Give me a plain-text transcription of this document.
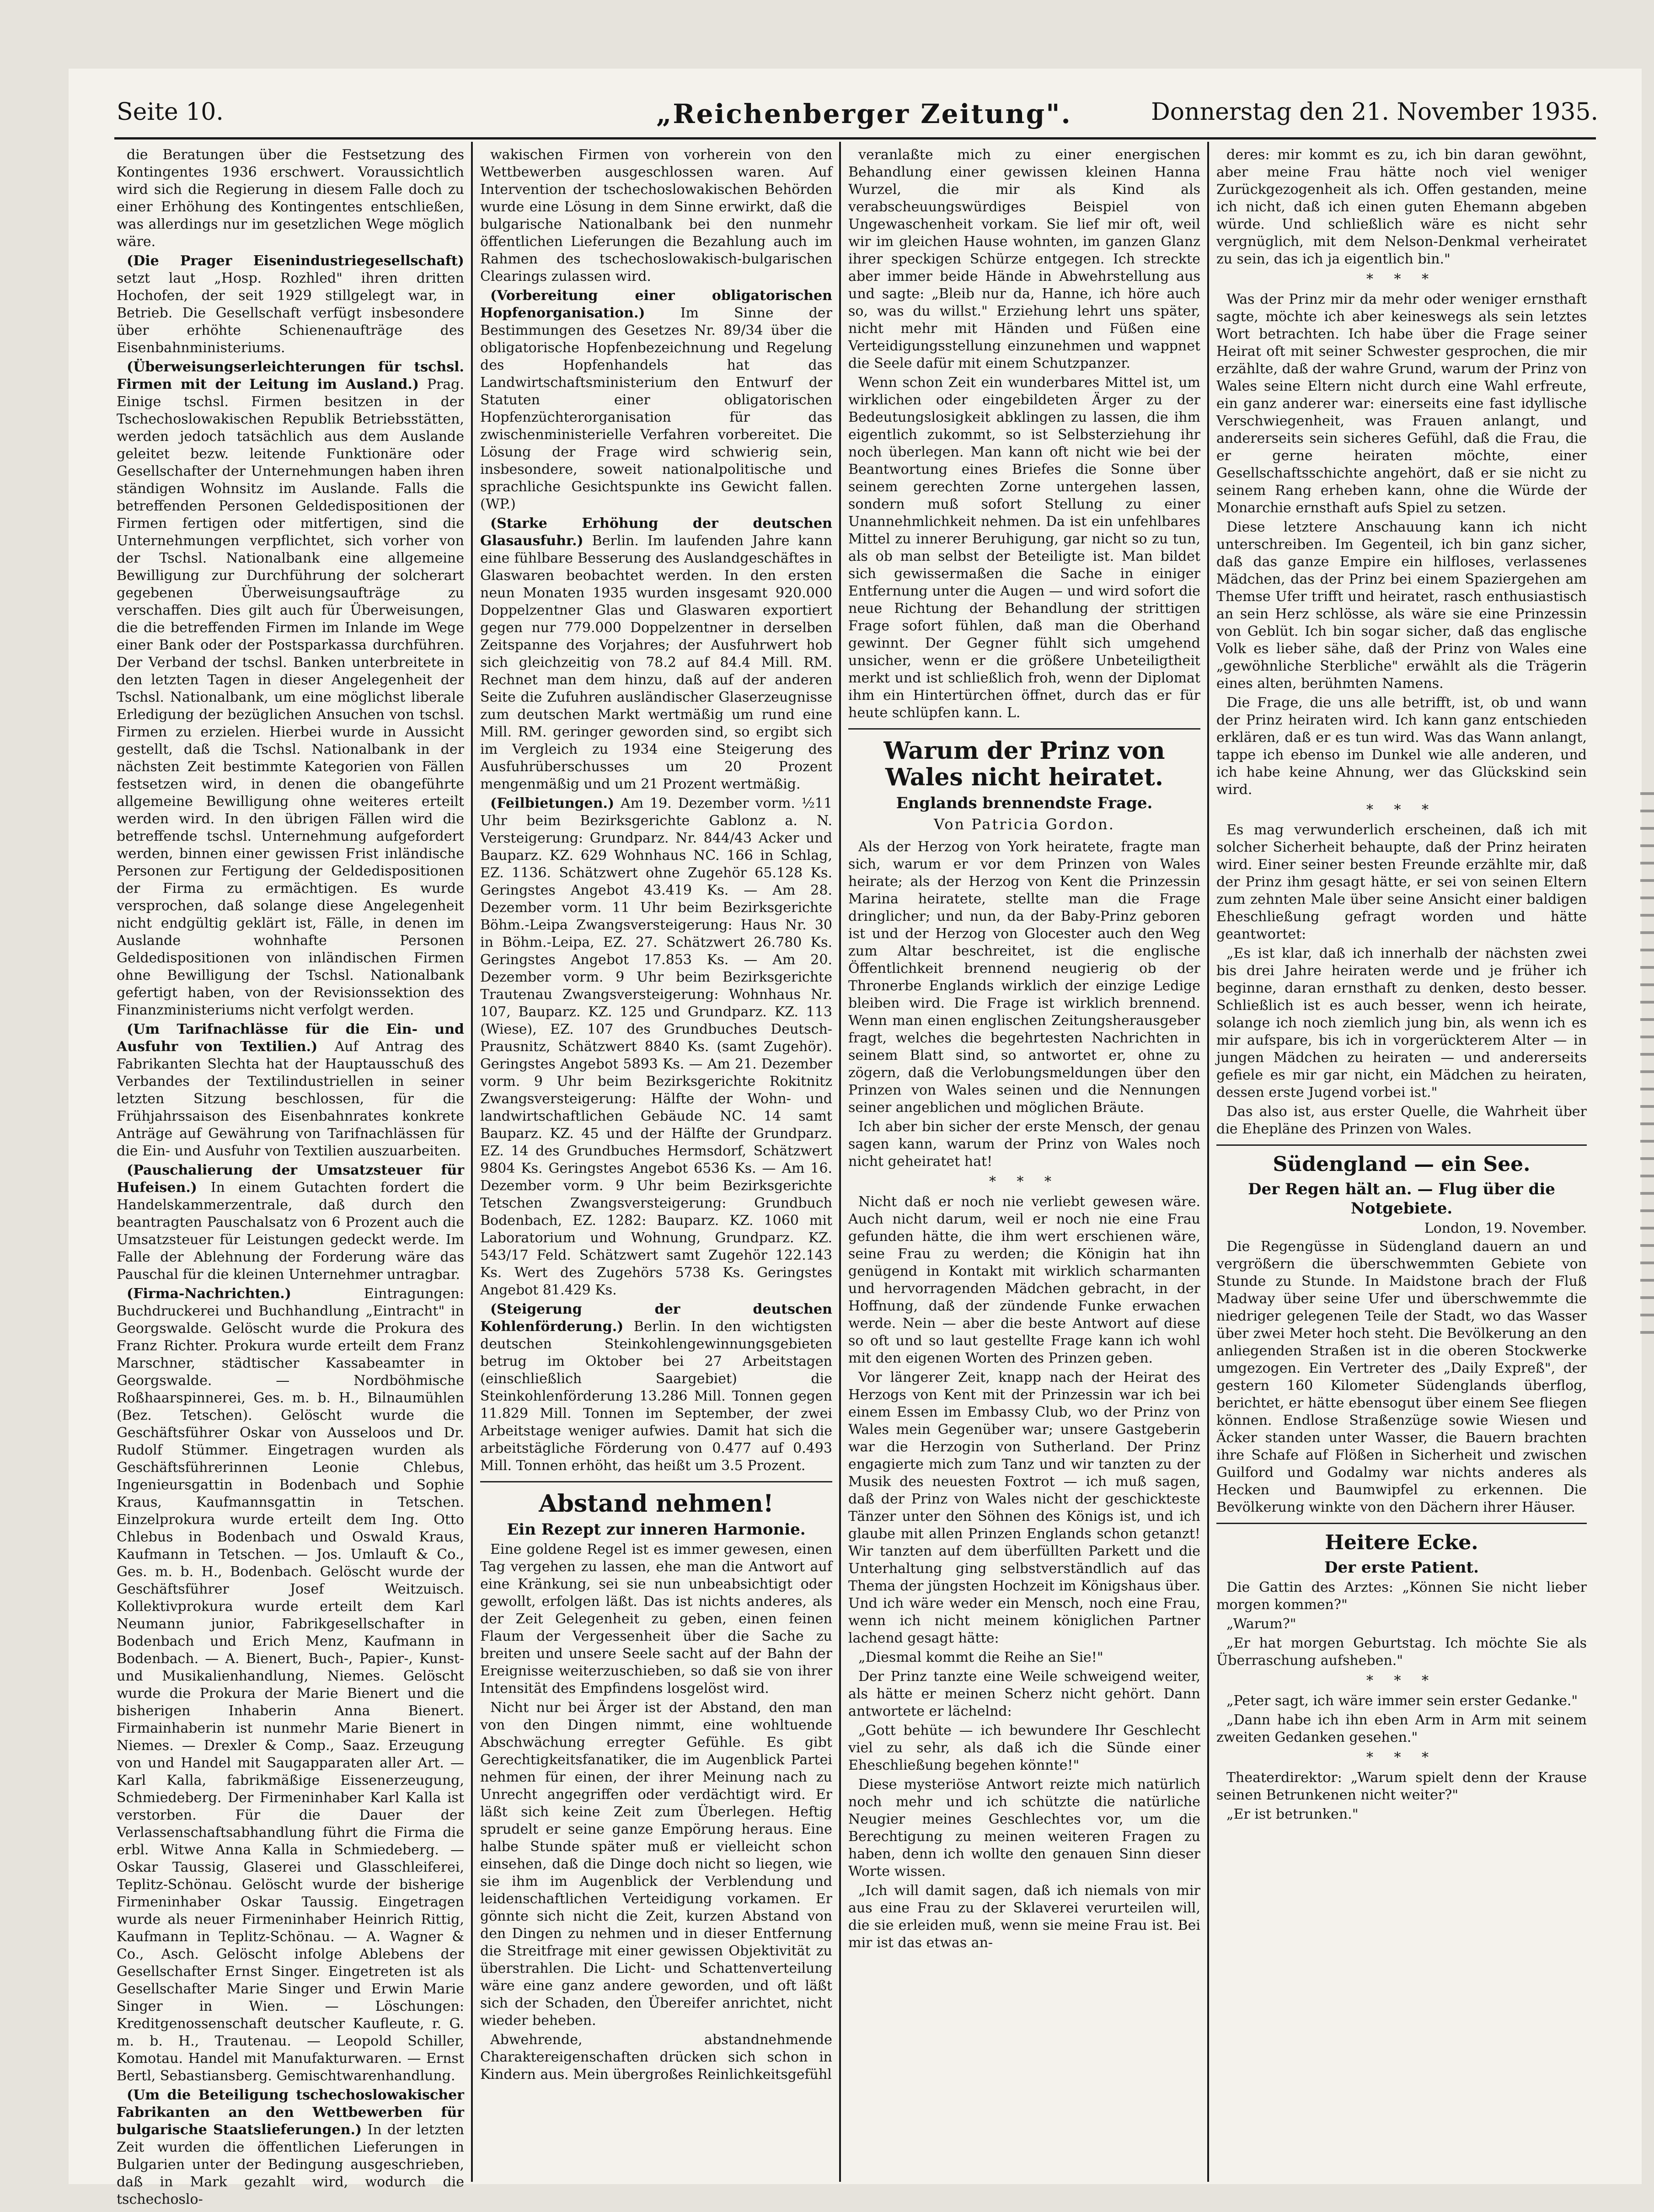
Seite 10.	„Reichenberger Zeitung".	Donnerstag den 21. November 1935.

die Beratungen über die Festsetzung des Kontingentes 1936 erschwert. Voraussichtlich wird sich die Regierung in diesem Falle doch zu einer Erhöhung des Kontingentes entschließen, was allerdings nur im gesetzlichen Wege möglich wäre.

(Die Prager Eisenindustriegesellschaft) setzt laut „Hosp. Rozhled" ihren dritten Hochofen, der seit 1929 stillgelegt war, in Betrieb. Die Gesellschaft verfügt insbesondere über erhöhte Schienenaufträge des Eisenbahnministeriums.

(Überweisungserleichterungen für tschsl. Firmen mit der Leitung im Ausland.) Prag. Einige tschsl. Firmen besitzen in der Tschechoslowakischen Republik Betriebsstätten, werden jedoch tatsächlich aus dem Auslande geleitet bezw. leitende Funktionäre oder Gesellschafter der Unternehmungen haben ihren ständigen Wohnsitz im Auslande. Falls die betreffenden Personen Geldedispositionen der Firmen fertigen oder mitfertigen, sind die Unternehmungen verpflichtet, sich vorher von der Tschsl. Nationalbank eine allgemeine Bewilligung zur Durchführung der solcherart gegebenen Überweisungsaufträge zu verschaffen. Dies gilt auch für Überweisungen, die die betreffenden Firmen im Inlande im Wege einer Bank oder der Postsparkassa durchführen. Der Verband der tschsl. Banken unterbreitete in den letzten Tagen in dieser Angelegenheit der Tschsl. Nationalbank, um eine möglichst liberale Erledigung der bezüglichen Ansuchen von tschsl. Firmen zu erzielen. Hierbei wurde in Aussicht gestellt, daß die Tschsl. Nationalbank in der nächsten Zeit bestimmte Kategorien von Fällen festsetzen wird, in denen die obangeführte allgemeine Bewilligung ohne weiteres erteilt werden wird. In den übrigen Fällen wird die betreffende tschsl. Unternehmung aufgefordert werden, binnen einer gewissen Frist inländische Personen zur Fertigung der Geldedispositionen der Firma zu ermächtigen. Es wurde versprochen, daß solange diese Angelegenheit nicht endgültig geklärt ist, Fälle, in denen im Auslande wohnhafte Personen Geldedispositionen von inländischen Firmen ohne Bewilligung der Tschsl. Nationalbank gefertigt haben, von der Revisionssektion des Finanzministeriums nicht verfolgt werden.

(Um Tarifnachlässe für die Ein- und Ausfuhr von Textilien.) Auf Antrag des Fabrikanten Slechta hat der Hauptausschuß des Verbandes der Textilindustriellen in seiner letzten Sitzung beschlossen, für die Frühjahrssaison des Eisenbahnrates konkrete Anträge auf Gewährung von Tarifnachlässen für die Ein- und Ausfuhr von Textilien auszuarbeiten.

(Pauschalierung der Umsatzsteuer für Hufeisen.) In einem Gutachten fordert die Handelskammerzentrale, daß durch den beantragten Pauschalsatz von 6 Prozent auch die Umsatzsteuer für Leistungen gedeckt werde. Im Falle der Ablehnung der Forderung wäre das Pauschal für die kleinen Unternehmer untragbar.

(Firma-Nachrichten.)	Eintragungen: Buchdruckerei und Buchhandlung „Eintracht" in Georgswalde. Gelöscht wurde die Prokura des Franz Richter. Prokura wurde erteilt dem Franz Marschner, städtischer Kassabeamter in Georgswalde. — Nordböhmische Roßhaarspinnerei, Ges. m. b. H., Bilnaumühlen (Bez. Tetschen). Gelöscht wurde die Geschäftsführer Oskar von Ausseloos und Dr. Rudolf Stümmer. Eingetragen wurden als Geschäftsführerinnen Leonie Chlebus, Ingenieursgattin in Bodenbach und Sophie Kraus, Kaufmannsgattin in Tetschen. Einzelprokura wurde erteilt dem Ing. Otto Chlebus in Bodenbach und Oswald Kraus, Kaufmann in Tetschen. — Jos. Umlauft & Co., Ges. m. b. H., Bodenbach. Gelöscht wurde der Geschäftsführer Josef Weitzuisch. Kollektivprokura wurde erteilt dem Karl Neumann junior, Fabrikgesellschafter in Bodenbach und Erich Menz, Kaufmann in Bodenbach. — A. Bienert, Buch-, Papier-, Kunst- und Musikalienhandlung, Niemes. Gelöscht wurde die Prokura der Marie Bienert und die bisherigen Inhaberin Anna Bienert. Firmainhaberin ist nunmehr Marie Bienert in Niemes. — Drexler & Comp., Saaz. Erzeugung von und Handel mit Saugapparaten aller Art. — Karl Kalla, fabrikmäßige Eissenerzeugung, Schmiedeberg. Der Firmeninhaber Karl Kalla ist verstorben. Für die Dauer der Verlassenschaftsabhandlung führt die Firma die erbl. Witwe Anna Kalla in Schmiedeberg. — Oskar Taussig, Glaserei und Glasschleiferei, Teplitz-Schönau. Gelöscht wurde der bisherige Firmeninhaber Oskar Taussig. Eingetragen wurde als neuer Firmeninhaber Heinrich Rittig, Kaufmann in Teplitz-Schönau. — A. Wagner & Co., Asch. Gelöscht infolge Ablebens der Gesellschafter Ernst Singer. Eingetreten ist als Gesellschafter Marie Singer und Erwin Marie Singer in Wien. — Löschungen: Kreditgenossenschaft deutscher Kaufleute, r. G. m. b. H., Trautenau. — Leopold Schiller, Komotau. Handel mit Manufakturwaren. — Ernst Bertl, Sebastiansberg. Gemischtwarenhandlung.

(Um die Beteiligung tschechoslowakischer Fabrikanten an den Wettbewerben für bulgarische Staatslieferungen.) In der letzten Zeit wurden die öffentlichen Lieferungen in Bulgarien unter der Bedingung ausgeschrieben, daß in Mark gezahlt wird, wodurch die tschechoslo-

wakischen Firmen von vorherein von den Wettbewerben ausgeschlossen waren. Auf Intervention der tschechoslowakischen Behörden wurde eine Lösung in dem Sinne erwirkt, daß die bulgarische Nationalbank bei den nunmehr öffentlichen Lieferungen die Bezahlung auch im Rahmen des tschechoslowakisch-bulgarischen Clearings zulassen wird.

(Vorbereitung einer obligatorischen Hopfenorganisation.)	Im Sinne der Bestimmungen des Gesetzes Nr. 89/34 über die obligatorische Hopfenbezeichnung und Regelung des Hopfenhandels hat das Landwirtschaftsministerium den Entwurf der Statuten einer obligatorischen Hopfenzüchterorganisation für das zwischenministerielle Verfahren vorbereitet. Die Lösung der Frage wird schwierig sein, insbesondere, soweit nationalpolitische und sprachliche Gesichtspunkte ins Gewicht fallen. (WP.)

(Starke Erhöhung der deutschen Glasausfuhr.) Berlin. Im laufenden Jahre kann eine fühlbare Besserung des Auslandgeschäftes in Glaswaren beobachtet werden. In den ersten neun Monaten 1935 wurden insgesamt 920.000 Doppelzentner Glas und Glaswaren exportiert gegen nur 779.000 Doppelzentner in derselben Zeitspanne des Vorjahres; der Ausfuhrwert hob sich gleichzeitig von 78.2 auf 84.4 Mill. RM. Rechnet man dem hinzu, daß auf der anderen Seite die Zufuhren ausländischer Glaserzeugnisse zum deutschen Markt wertmäßig um rund eine Mill. RM. geringer geworden sind, so ergibt sich im Vergleich zu 1934 eine Steigerung des Ausfuhrüberschusses um 20 Prozent mengenmäßig und um 21 Prozent wertmäßig.

(Feilbietungen.) Am 19. Dezember vorm. ½11 Uhr beim Bezirksgerichte Gablonz a. N. Versteigerung: Grundparz. Nr. 844/43 Acker und Bauparz. KZ. 629 Wohnhaus NC. 166 in Schlag, EZ. 1136. Schätzwert ohne Zugehör 65.128 Ks. Geringstes Angebot 43.419 Ks. — Am 28. Dezember vorm. 11 Uhr beim Bezirksgerichte Böhm.-Leipa Zwangsversteigerung: Haus Nr. 30 in Böhm.-Leipa, EZ. 27. Schätzwert 26.780 Ks. Geringstes Angebot 17.853 Ks. — Am 20. Dezember vorm. 9 Uhr beim Bezirksgerichte Trautenau Zwangsversteigerung: Wohnhaus Nr. 107, Bauparz. KZ. 125 und Grundparz. KZ. 113 (Wiese), EZ. 107 des Grundbuches Deutsch-Prausnitz, Schätzwert 8840 Ks. (samt Zugehör). Geringstes Angebot 5893 Ks. — Am 21. Dezember vorm. 9 Uhr beim Bezirksgerichte Rokitnitz Zwangsversteigerung: Hälfte der Wohn- und landwirtschaftlichen Gebäude NC. 14 samt Bauparz. KZ. 45 und der Hälfte der Grundparz. EZ. 14 des Grundbuches Hermsdorf, Schätzwert 9804 Ks. Geringstes Angebot 6536 Ks. — Am 16. Dezember vorm. 9 Uhr beim Bezirksgerichte Tetschen Zwangsversteigerung: Grundbuch Bodenbach, EZ. 1282: Bauparz. KZ. 1060 mit Laboratorium und Wohnung, Grundparz. KZ. 543/17 Feld. Schätzwert samt Zugehör 122.143 Ks. Wert des Zugehörs 5738 Ks. Geringstes Angebot 81.429 Ks.

(Steigerung der deutschen Kohlenförderung.) Berlin. In den wichtigsten deutschen Steinkohlengewinnungsgebieten betrug im Oktober bei 27 Arbeitstagen (einschließlich Saargebiet) die Steinkohlenförderung 13.286 Mill. Tonnen gegen 11.829 Mill. Tonnen im September, der zwei Arbeitstage weniger aufwies. Damit hat sich die arbeitstägliche Förderung von 0.477 auf 0.493 Mill. Tonnen erhöht, das heißt um 3.5 Prozent.

Abstand nehmen!
Ein Rezept zur inneren Harmonie.

Eine goldene Regel ist es immer gewesen, einen Tag vergehen zu lassen, ehe man die Antwort auf eine Kränkung, sei sie nun unbeabsichtigt oder gewollt, erfolgen läßt. Das ist nichts anderes, als der Zeit Gelegenheit zu geben, einen feinen Flaum der Vergessenheit über die Sache zu breiten und unsere Seele sacht auf der Bahn der Ereignisse weiterzuschieben, so daß sie von ihrer Intensität des Empfindens losgelöst wird.

Nicht nur bei Ärger ist der Abstand, den man von den Dingen nimmt, eine wohltuende Abschwächung erregter Gefühle. Es gibt Gerechtigkeitsfanatiker, die im Augenblick Partei nehmen für einen, der ihrer Meinung nach zu Unrecht angegriffen oder verdächtigt wird. Er läßt sich keine Zeit zum Überlegen. Heftig sprudelt er seine ganze Empörung heraus. Eine halbe Stunde später muß er vielleicht schon einsehen, daß die Dinge doch nicht so liegen, wie sie ihm im Augenblick der Verblendung und leidenschaftlichen Verteidigung vorkamen. Er gönnte sich nicht die Zeit, kurzen Abstand von den Dingen zu nehmen und in dieser Entfernung die Streitfrage mit einer gewissen Objektivität zu überstrahlen. Die Licht- und Schattenverteilung wäre eine ganz andere geworden, und oft läßt sich der Schaden, den Übereifer anrichtet, nicht wieder beheben.

Abwehrende, abstandnehmende Charaktereigenschaften drücken sich schon in Kindern aus. Mein übergroßes Reinlichkeitsgefühl

veranlaßte mich zu einer energischen Behandlung einer gewissen kleinen Hanna Wurzel, die mir als Kind als verabscheuungswürdiges Beispiel von Ungewaschenheit vorkam. Sie lief mir oft, weil wir im gleichen Hause wohnten, im ganzen Glanz ihrer speckigen Schürze entgegen. Ich streckte aber immer beide Hände in Abwehrstellung aus und sagte: „Bleib nur da, Hanne, ich höre auch so, was du willst." Erziehung lehrt uns später, nicht mehr mit Händen und Füßen eine Verteidigungsstellung einzunehmen und wappnet die Seele dafür mit einem Schutzpanzer.

Wenn schon Zeit ein wunderbares Mittel ist, um wirklichen oder eingebildeten Ärger zu der Bedeutungslosigkeit abklingen zu lassen, die ihm eigentlich zukommt, so ist Selbsterziehung ihr noch überlegen. Man kann oft nicht wie bei der Beantwortung eines Briefes die Sonne über seinem gerechten Zorne untergehen lassen, sondern muß sofort Stellung zu einer Unannehmlichkeit nehmen. Da ist ein unfehlbares Mittel zu innerer Beruhigung, gar nicht so zu tun, als ob man selbst der Beteiligte ist. Man bildet sich gewissermaßen die Sache in einiger Entfernung unter die Augen — und wird sofort die neue Richtung der Behandlung der strittigen Frage sofort fühlen, daß man die Oberhand gewinnt. Der Gegner fühlt sich umgehend unsicher, wenn er die größere Unbeteiligtheit merkt und ist schließlich froh, wenn der Diplomat ihm ein Hintertürchen öffnet, durch das er für heute schlüpfen kann. L.

Warum der Prinz von Wales nicht heiratet.
Englands brennendste Frage.
Von Patricia Gordon.

Als der Herzog von York heiratete, fragte man sich, warum er vor dem Prinzen von Wales heirate; als der Herzog von Kent die Prinzessin Marina heiratete, stellte man die Frage dringlicher; und nun, da der Baby-Prinz geboren ist und der Herzog von Glocester auch den Weg zum Altar beschreitet, ist die englische Öffentlichkeit brennend neugierig ob der Thronerbe Englands wirklich der einzige Ledige bleiben wird. Die Frage ist wirklich brennend. Wenn man einen englischen Zeitungsherausgeber fragt, welches die begehrtesten Nachrichten in seinem Blatt sind, so antwortet er, ohne zu zögern, daß die Verlobungsmeldungen über den Prinzen von Wales seinen und die Nennungen seiner angeblichen und möglichen Bräute.

Ich aber bin sicher der erste Mensch, der genau sagen kann, warum der Prinz von Wales noch nicht geheiratet hat!

* * *

Nicht daß er noch nie verliebt gewesen wäre. Auch nicht darum, weil er noch nie eine Frau gefunden hätte, die ihm wert erschienen wäre, seine Frau zu werden; die Königin hat ihn genügend in Kontakt mit wirklich scharmanten und hervorragenden Mädchen gebracht, in der Hoffnung, daß der zündende Funke erwachen werde. Nein — aber die beste Antwort auf diese so oft und so laut gestellte Frage kann ich wohl mit den eigenen Worten des Prinzen geben.

Vor längerer Zeit, knapp nach der Heirat des Herzogs von Kent mit der Prinzessin war ich bei einem Essen im Embassy Club, wo der Prinz von Wales mein Gegenüber war; unsere Gastgeberin war die Herzogin von Sutherland. Der Prinz engagierte mich zum Tanz und wir tanzten zu der Musik des neuesten Foxtrot — ich muß sagen, daß der Prinz von Wales nicht der geschickteste Tänzer unter den Söhnen des Königs ist, und ich glaube mit allen Prinzen Englands schon getanzt! Wir tanzten auf dem überfüllten Parkett und die Unterhaltung ging selbstverständlich auf das Thema der jüngsten Hochzeit im Königshaus über. Und ich wäre weder ein Mensch, noch eine Frau, wenn ich nicht meinem königlichen Partner lachend gesagt hätte:

„Diesmal kommt die Reihe an Sie!"

Der Prinz tanzte eine Weile schweigend weiter, als hätte er meinen Scherz nicht gehört. Dann antwortete er lächelnd:

„Gott behüte — ich bewundere Ihr Geschlecht viel zu sehr, als daß ich die Sünde einer Eheschließung begehen könnte!"

Diese mysteriöse Antwort reizte mich natürlich noch mehr und ich schützte die natürliche Neugier meines Geschlechtes vor, um die Berechtigung zu meinen weiteren Fragen zu haben, denn ich wollte den genauen Sinn dieser Worte wissen.

„Ich will damit sagen, daß ich niemals von mir aus eine Frau zu der Sklaverei verurteilen will, die sie erleiden muß, wenn sie meine Frau ist. Bei mir ist das etwas an-

deres: mir kommt es zu, ich bin daran gewöhnt, aber meine Frau hätte noch viel weniger Zurückgezogenheit als ich. Offen gestanden, meine ich nicht, daß ich einen guten Ehemann abgeben würde. Und schließlich wäre es nicht sehr vergnüglich, mit dem Nelson-Denkmal verheiratet zu sein, das ich ja eigentlich bin."

* * *

Was der Prinz mir da mehr oder weniger ernsthaft sagte, möchte ich aber keineswegs als sein letztes Wort betrachten. Ich habe über die Frage seiner Heirat oft mit seiner Schwester gesprochen, die mir erzählte, daß der wahre Grund, warum der Prinz von Wales seine Eltern nicht durch eine Wahl erfreute, ein ganz anderer war: einerseits eine fast idyllische Verschwiegenheit, was Frauen anlangt, und andererseits sein sicheres Gefühl, daß die Frau, die er gerne heiraten möchte, einer Gesellschaftsschichte angehört, daß er sie nicht zu seinem Rang erheben kann, ohne die Würde der Monarchie ernsthaft aufs Spiel zu setzen.

Diese letztere Anschauung kann ich nicht unterschreiben. Im Gegenteil, ich bin ganz sicher, daß das ganze Empire ein hilfloses, verlassenes Mädchen, das der Prinz bei einem Spaziergehen am Themse Ufer trifft und heiratet, rasch enthusiastisch an sein Herz schlösse, als wäre sie eine Prinzessin von Geblüt. Ich bin sogar sicher, daß das englische Volk es lieber sähe, daß der Prinz von Wales eine „gewöhnliche Sterbliche" erwählt als die Trägerin eines alten, berühmten Namens.

Die Frage, die uns alle betrifft, ist, ob und wann der Prinz heiraten wird. Ich kann ganz entschieden erklären, daß er es tun wird. Was das Wann anlangt, tappe ich ebenso im Dunkel wie alle anderen, und ich habe keine Ahnung, wer das Glückskind sein wird.

* * *

Es mag verwunderlich erscheinen, daß ich mit solcher Sicherheit behaupte, daß der Prinz heiraten wird. Einer seiner besten Freunde erzählte mir, daß der Prinz ihm gesagt hätte, er sei von seinen Eltern zum zehnten Male über seine Ansicht einer baldigen Eheschließung gefragt worden und hätte geantwortet:

„Es ist klar, daß ich innerhalb der nächsten zwei bis drei Jahre heiraten werde und je früher ich beginne, daran ernsthaft zu denken, desto besser. Schließlich ist es auch besser, wenn ich heirate, solange ich noch ziemlich jung bin, als wenn ich es mir aufspare, bis ich in vorgerückterem Alter — in jungen Mädchen zu heiraten — und andererseits gefiele es mir gar nicht, ein Mädchen zu heiraten, dessen erste Jugend vorbei ist."

Das also ist, aus erster Quelle, die Wahrheit über die Ehepläne des Prinzen von Wales.

Südengland — ein See.
Der Regen hält an. — Flug über die Notgebiete.
London, 19. November.

Die Regengüsse in Südengland dauern an und vergrößern die überschwemmten Gebiete von Stunde zu Stunde. In Maidstone brach der Fluß Madway über seine Ufer und überschwemmte die niedriger gelegenen Teile der Stadt, wo das Wasser über zwei Meter hoch steht. Die Bevölkerung an den anliegenden Straßen ist in die oberen Stockwerke umgezogen. Ein Vertreter des „Daily Expreß", der gestern 160 Kilometer Südenglands überflog, berichtet, er hätte ebensogut über einem See fliegen können. Endlose Straßenzüge sowie Wiesen und Äcker standen unter Wasser, die Bauern brachten ihre Schafe auf Flößen in Sicherheit und zwischen Guilford und Godalmy war nichts anderes als Hecken und Baumwipfel zu erkennen. Die Bevölkerung winkte von den Dächern ihrer Häuser.

Heitere Ecke.
Der erste Patient.

Die Gattin des Arztes: „Können Sie nicht lieber morgen kommen?"

„Warum?"

„Er hat morgen Geburtstag. Ich möchte Sie als Überraschung aufsheben."

* * *

„Peter sagt, ich wäre immer sein erster Gedanke."

„Dann habe ich ihn eben Arm in Arm mit seinem zweiten Gedanken gesehen."

* * *

Theaterdirektor: „Warum spielt denn der Krause seinen Betrunkenen nicht weiter?"

„Er ist betrunken."
